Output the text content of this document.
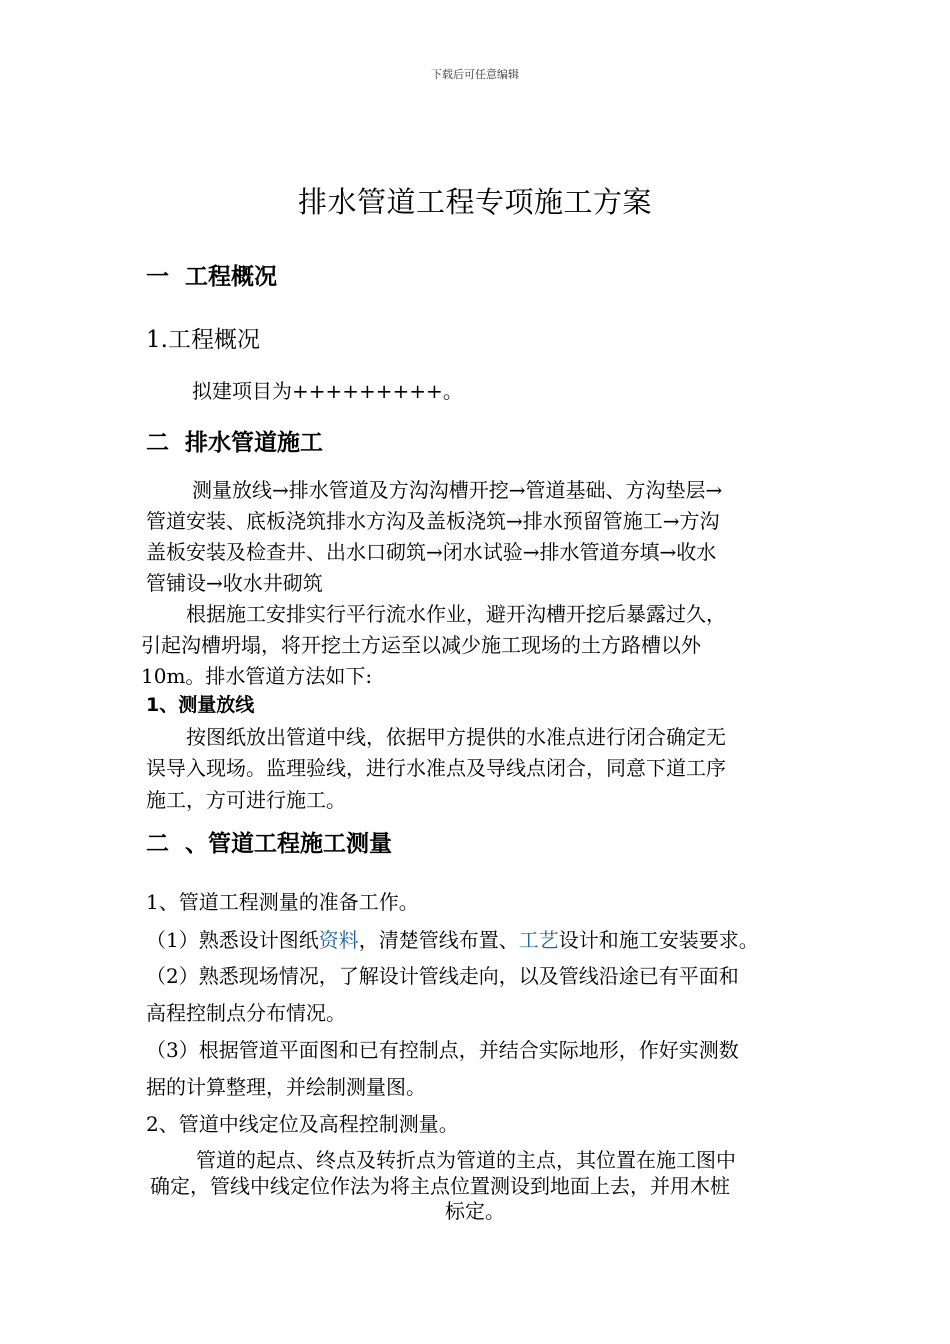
下载后可任意编辑
排水管道工程专项施工方案
一  工程概况
1.工程概况
拟建项目为+++++++++。
二  排水管道施工
测量放线→排水管道及方沟沟槽开挖→管道基础、方沟垫层→
管道安装、底板浇筑排水方沟及盖板浇筑→排水预留管施工→方沟
盖板安装及检查井、出水口砌筑→闭水试验→排水管道夯填→收水
管铺设→收水井砌筑
根据施工安排实行平行流水作业，避开沟槽开挖后暴露过久，
引起沟槽坍塌，将开挖土方运至以减少施工现场的土方路槽以外
10m。排水管道方法如下:
1、测量放线
按图纸放出管道中线，依据甲方提供的水准点进行闭合确定无
误导入现场。监理验线，进行水准点及导线点闭合，同意下道工序
施工，方可进行施工。
二  、管道工程施工测量
1、管道工程测量的准备工作。
（1）熟悉设计图纸资料，清楚管线布置、工艺设计和施工安装要求。
（2）熟悉现场情况，了解设计管线走向，以及管线沿途已有平面和
高程控制点分布情况。
（3）根据管道平面图和已有控制点，并结合实际地形，作好实测数
据的计算整理，并绘制测量图。
2、管道中线定位及高程控制测量。
管道的起点、终点及转折点为管道的主点，其位置在施工图中
确定，管线中线定位作法为将主点位置测设到地面上去，并用木桩
标定。
